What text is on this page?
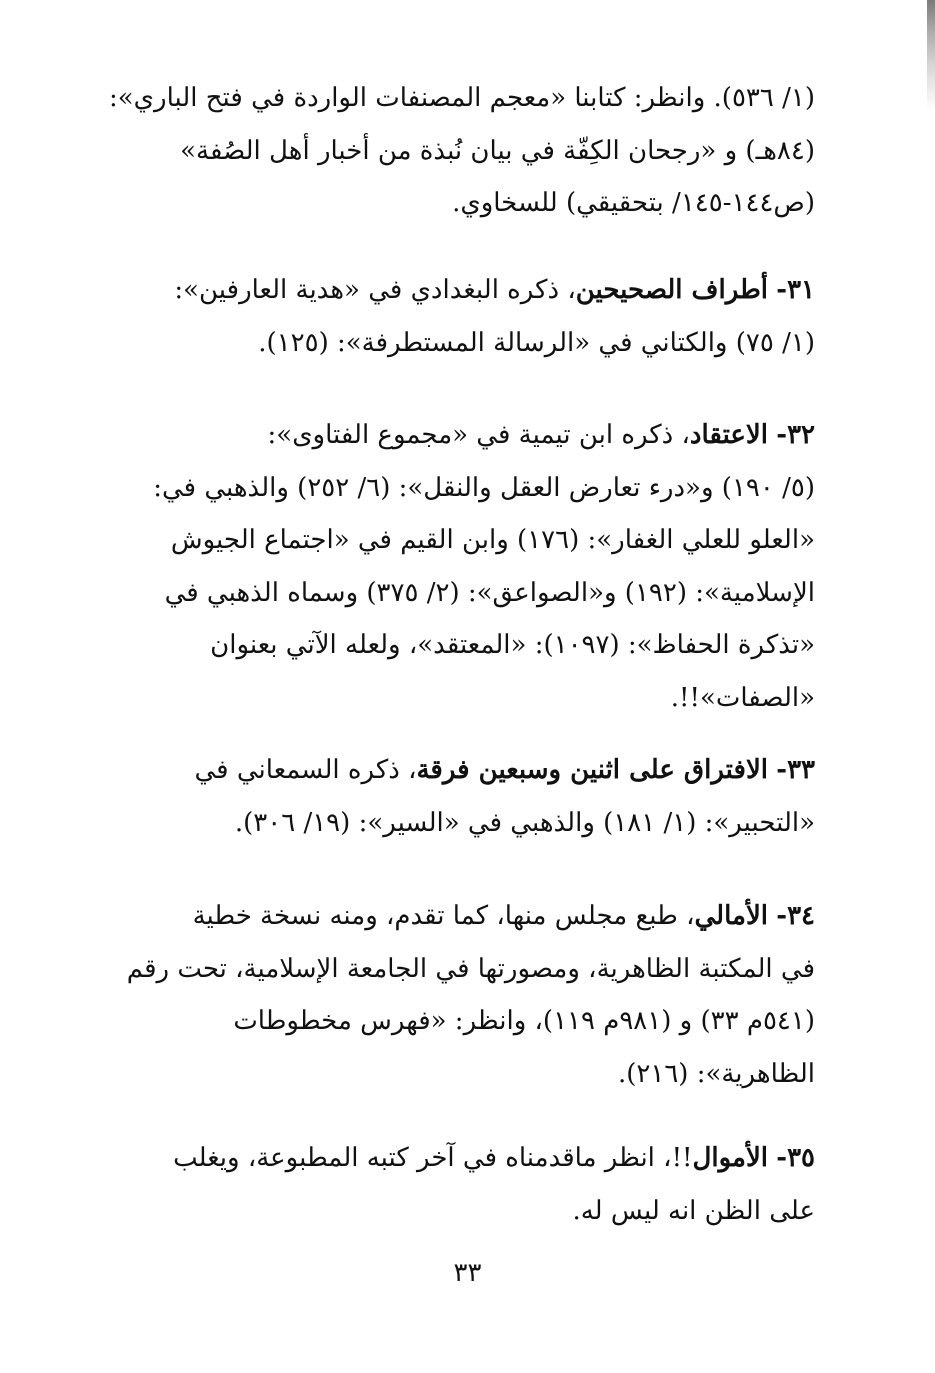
(١/ ٥٣٦). وانظر: كتابنا «معجم المصنفات الواردة في فتح الباري»:
(٨٤هـ) و «رجحان الكِفّة في بيان نُبذة من أخبار أهل الصُفة»
(ص١٤٤-١٤٥/ بتحقيقي) للسخاوي.
٣١- أطراف الصحيحين، ذكره البغدادي في «هدية العارفين»:
(١/ ٧٥) والكتاني في «الرسالة المستطرفة»: (١٢٥).
٣٢- الاعتقاد، ذكره ابن تيمية في «مجموع الفتاوى»:
(٥/ ١٩٠) و«درء تعارض العقل والنقل»: (٦/ ٢٥٢) والذهبي في:
«العلو للعلي الغفار»: (١٧٦) وابن القيم في «اجتماع الجيوش
الإسلامية»: (١٩٢) و«الصواعق»: (٢/ ٣٧٥) وسماه الذهبي في
«تذكرة الحفاظ»: (١٠٩٧): «المعتقد»، ولعله الآتي بعنوان
«الصفات»!!.
٣٣- الافتراق على اثنين وسبعين فرقة، ذكره السمعاني في
«التحبير»: (١/ ١٨١) والذهبي في «السير»: (١٩/ ٣٠٦).
٣٤- الأمالي، طبع مجلس منها، كما تقدم، ومنه نسخة خطية
في المكتبة الظاهرية، ومصورتها في الجامعة الإسلامية، تحت رقم
(٥٤١م ٣٣) و (٩٨١م ١١٩)، وانظر: «فهرس مخطوطات
الظاهرية»: (٢١٦).
٣٥- الأموال!!، انظر ماقدمناه في آخر كتبه المطبوعة، ويغلب
على الظن انه ليس له.
٣٣
